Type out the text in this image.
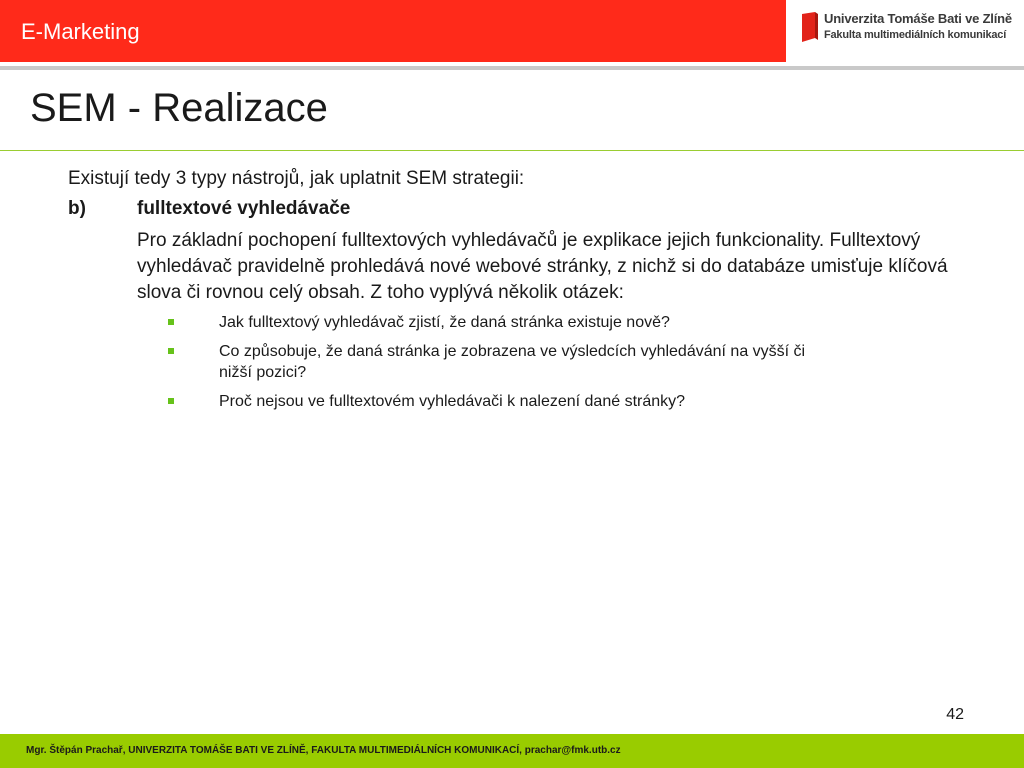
E-Marketing
Univerzita Tomáše Bati ve Zlíně
Fakulta multimediálních komunikací
SEM - Realizace

Existují tedy 3 typy nástrojů, jak uplatnit SEM strategii:

b)	fulltextové vyhledávače

Pro základní pochopení fulltextových vyhledávačů je explikace jejich funkcionality. Fulltextový vyhledávač pravidelně prohledává nové webové stránky, z nichž si do databáze umisťuje klíčová slova či rovnou celý obsah. Z toho vyplývá několik otázek:

Jak fulltextový vyhledávač zjistí, že daná stránka existuje nově?
Co způsobuje, že daná stránka je zobrazena ve výsledcích vyhledávání na vyšší či nižší pozici?
Proč nejsou ve fulltextovém vyhledávači k nalezení dané stránky?
42
Mgr. Štěpán Prachař, UNIVERZITA TOMÁŠE BATI VE ZLÍNĚ, FAKULTA MULTIMEDIÁLNÍCH KOMUNIKACÍ, prachar@fmk.utb.cz
